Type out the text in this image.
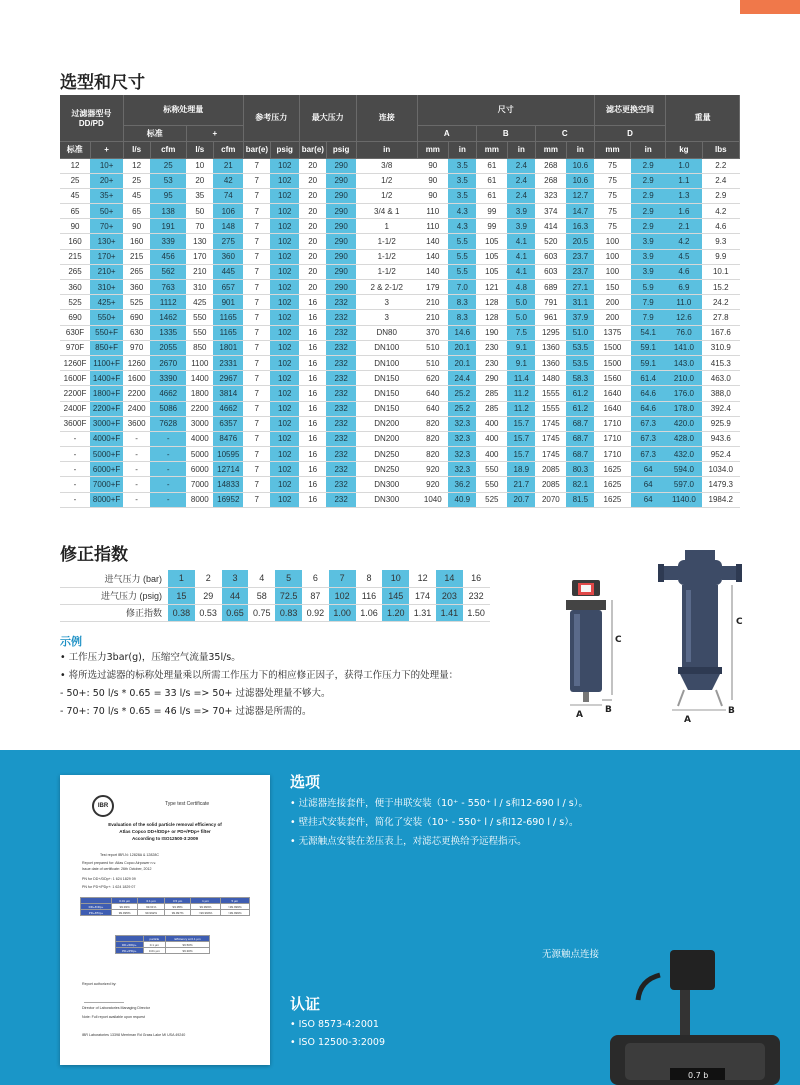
选型和尺寸
过滤器型号 DD/PD		标称处理量				参考压力		最大压力		连接	尺寸						滤芯更换空间		重量	
		标准		+							A		B		C		D			
标准	+	l/s	cfm	l/s	cfm	bar(e)	psig	bar(e)	psig	in	mm	in	mm	in	mm	in	mm	in	kg	lbs
12	10+	12	25	10	21	7	102	20	290	3/8	90	3.5	61	2.4	268	10.6	75	2.9	1.0	2.2
25	20+	25	53	20	42	7	102	20	290	1/2	90	3.5	61	2.4	268	10.6	75	2.9	1.1	2.4
45	35+	45	95	35	74	7	102	20	290	1/2	90	3.5	61	2.4	323	12.7	75	2.9	1.3	2.9
65	50+	65	138	50	106	7	102	20	290	3/4 & 1	110	4.3	99	3.9	374	14.7	75	2.9	1.6	4.2
90	70+	90	191	70	148	7	102	20	290	1	110	4.3	99	3.9	414	16.3	75	2.9	2.1	4.6
160	130+	160	339	130	275	7	102	20	290	1-1/2	140	5.5	105	4.1	520	20.5	100	3.9	4.2	9.3
215	170+	215	456	170	360	7	102	20	290	1-1/2	140	5.5	105	4.1	603	23.7	100	3.9	4.5	9.9
265	210+	265	562	210	445	7	102	20	290	1-1/2	140	5.5	105	4.1	603	23.7	100	3.9	4.6	10.1
360	310+	360	763	310	657	7	102	20	290	2 & 2-1/2	179	7.0	121	4.8	689	27.1	150	5.9	6.9	15.2
525	425+	525	1112	425	901	7	102	16	232	3	210	8.3	128	5.0	791	31.1	200	7.9	11.0	24.2
690	550+	690	1462	550	1165	7	102	16	232	3	210	8.3	128	5.0	961	37.9	200	7.9	12.6	27.8
630F	550+F	630	1335	550	1165	7	102	16	232	DN80	370	14.6	190	7.5	1295	51.0	1375	54.1	76.0	167.6
970F	850+F	970	2055	850	1801	7	102	16	232	DN100	510	20.1	230	9.1	1360	53.5	1500	59.1	141.0	310.9
1260F	1100+F	1260	2670	1100	2331	7	102	16	232	DN100	510	20.1	230	9.1	1360	53.5	1500	59.1	143.0	415.3
1600F	1400+F	1600	3390	1400	2967	7	102	16	232	DN150	620	24.4	290	11.4	1480	58.3	1560	61.4	210.0	463.0
2200F	1800+F	2200	4662	1800	3814	7	102	16	232	DN150	640	25.2	285	11.2	1555	61.2	1640	64.6	176.0	388,0
2400F	2200+F	2400	5086	2200	4662	7	102	16	232	DN150	640	25.2	285	11.2	1555	61.2	1640	64.6	178.0	392.4
3600F	3000+F	3600	7628	3000	6357	7	102	16	232	DN200	820	32.3	400	15.7	1745	68.7	1710	67.3	420.0	925.9
-	4000+F	-	-	4000	8476	7	102	16	232	DN200	820	32.3	400	15.7	1745	68.7	1710	67.3	428.0	943.6
-	5000+F	-	-	5000	10595	7	102	16	232	DN250	820	32.3	400	15.7	1745	68.7	1710	67.3	432.0	952.4
-	6000+F	-	-	6000	12714	7	102	16	232	DN250	920	32.3	550	18.9	2085	80.3	1625	64	594.0	1034.0
-	7000+F	-	-	7000	14833	7	102	16	232	DN300	920	36.2	550	21.7	2085	82.1	1625	64	597.0	1479.3
-	8000+F	-	-	8000	16952	7	102	16	232	DN300	1040	40.9	525	20.7	2070	81.5	1625	64	1140.0	1984.2
修正指数
进气压力 (bar)	1	2	3	4	5	6	7	8	10	12	14	16
进气压力 (psig)	15	29	44	58	72.5	87	102	116	145	174	203	232
修正指数	0.38	0.53	0.65	0.75	0.83	0.92	1.00	1.06	1.20	1.31	1.41	1.50
示例
• 工作压力3bar(g)，压缩空气流量35l/s。
• 将所选过滤器的标称处理量乘以所需工作压力下的相应修正因子，获得工作压力下的处理量：
- 50+: 50 l/s * 0.65 = 33 l/s => 50+ 过滤器处理量不够大。
- 70+: 70 l/s * 0.65 = 46 l/s => 70+ 过滤器是所需的。
C
A B
C
A
B
IBR	Type test Certificate
Evaluation of the solid particle removal efficiency of
Atlas Copco DD+/DDp+ or PD+/PDp+ filter
According to ISO12500-3:2009
Test report IBR-N: 12828A & 12828C
Report prepared for: Atlas Copco Airpower n.v.
Issue date of certificate: 26th October, 2012
PN for DD+/DDp+: 1 624 1829 09
PN for PD+/PDp+: 1 624 1829 07
	0.01 µm	0.1 µm	0.5 µm	1 µm	5 µm
DD+/DDp+	99.93%	99.61%	99.95%	99.999%	>99.999%
PD+/PDp+	99.995%	99.992%	99.997%	>99.999%	>99.999%
	particle	Efficiency at 0.1 µm
DD+/DDp+	0.1 µm	99.50%
PD+/PDp+	0.01 µm	99.30%
Report authorized by:
Director of Laboratories Managing Director
Note: Full report available upon request
IBR Laboratories 13398 Merriman Rd Grass Lake MI USA 49240
选项
• 过滤器连接套件，便于串联安装（10⁺ - 550⁺ l / s和12-690 l / s）。
• 壁挂式安装套件，简化了安装（10⁺ - 550⁺ l / s和12-690 l / s）。
• 无源触点安装在差压表上，对滤芯更换给予远程指示。
无源触点连接
0.7 b
认证
• ISO 8573-4:2001
• ISO 12500-3:2009
